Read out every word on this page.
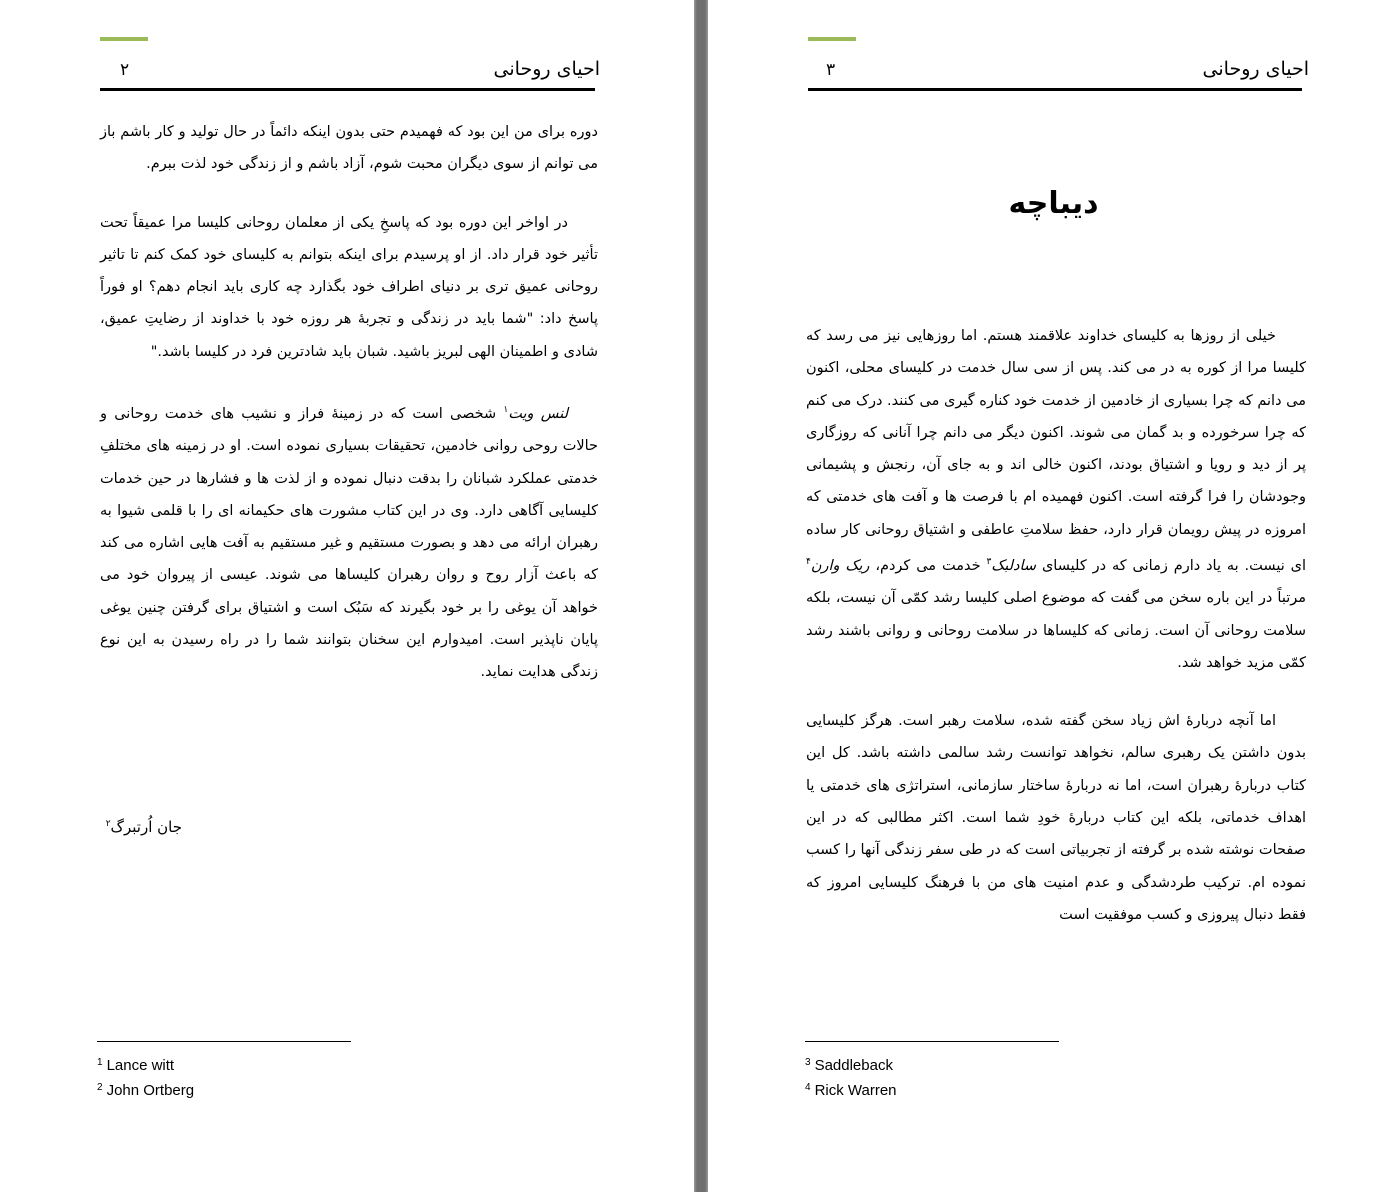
۲	احیای روحانی

دوره برای من این بود که فهمیدم حتی بدون اینکه دائماً در حال تولید و کار باشم باز می توانم از سوی دیگران محبت شوم، آزاد باشم و از زندگی خود لذت ببرم.

در اواخر این دوره بود که پاسخِ یکی از معلمان روحانی کلیسا مرا عمیقاً تحت تأثیر خود قرار داد. از او پرسیدم برای اینکه بتوانم به کلیسای خود کمک کنم تا تاثیر روحانی عمیق تری بر دنیای اطراف خود بگذارد چه کاری باید انجام دهم؟ او فوراً پاسخ داد: "شما باید در زندگی و تجربۀ هر روزه خود با خداوند از رضایتِ عمیق، شادی و اطمینان الهی لبریز باشید. شبان باید شادترین فرد در کلیسا باشد."

لنس ویت$^۱$ شخصی است که در زمینۀ فراز و نشیب های خدمت روحانی و حالات روحی روانی خادمین، تحقیقات بسیاری نموده است. او در زمینه های مختلفِ خدمتی عملکرد شبانان را بدقت دنبال نموده و از لذت ها و فشارها در حین خدمات کلیسایی آگاهی دارد. وی در این کتاب مشورت های حکیمانه ای را با قلمی شیوا به رهبران ارائه می دهد و بصورت مستقیم و غیر مستقیم به آفت هایی اشاره می کند که باعث آزار روح و روان رهبران کلیساها می شوند. عیسی از پیروان خود می خواهد آن یوغی را بر خود بگیرند که سَبُک است و اشتیاق برای گرفتن چنین یوغی پایان ناپذیر است. امیدوارم این سخنان بتوانند شما را در راه رسیدن به این نوع زندگی هدایت نماید.

جان اُرتبرگ$^۲$
$^1$ Lance witt
$^2$ John Ortberg
۳	احیای روحانی
دیباچه

خیلی از روزها به کلیسای خداوند علاقمند هستم. اما روزهایی نیز می رسد که کلیسا مرا از کوره به در می کند. پس از سی سال خدمت در کلیسای محلی، اکنون می دانم که چرا بسیاری از خادمین از خدمت خود کناره گیری می کنند. درک می کنم که چرا سرخورده و بد گمان می شوند. اکنون دیگر می دانم چرا آنانی که روزگاری پر از دید و رویا و اشتیاق بودند، اکنون خالی اند و به جای آن، رنجش و پشیمانی وجودشان را فرا گرفته است. اکنون فهمیده ام با فرصت ها و آفت های خدمتی که امروزه در پیش رویمان قرار دارد، حفظ سلامتِ عاطفی و اشتیاق روحانی کار ساده ای نیست. به یاد دارم زمانی که در کلیسای سادلبک$^۳$ خدمت می کردم، ریک وارن$^۴$ مرتباً در این باره سخن می گفت که موضوع اصلی کلیسا رشد کمّی آن نیست، بلکه سلامت روحانی آن است. زمانی که کلیساها در سلامت روحانی و روانی باشند رشد کمّی مزید خواهد شد.

اما آنچه دربارۀ اش زیاد سخن گفته شده، سلامت رهبر است. هرگز کلیسایی بدون داشتن یک رهبری سالم، نخواهد توانست رشد سالمی داشته باشد. کل این کتاب دربارۀ رهبران است، اما نه دربارۀ ساختار سازمانی، استراتژی های خدمتی یا اهداف خدماتی، بلکه این کتاب دربارۀ خودِ شما است. اکثر مطالبی که در این صفحات نوشته شده بر گرفته از تجربیاتی است که در طی سفر زندگی آنها را کسب نموده ام. ترکیب طردشدگی و عدم امنیت های من با فرهنگ کلیسایی امروز که فقط دنبال پیروزی و کسب موفقیت است

$^3$ Saddleback
$^4$ Rick Warren
